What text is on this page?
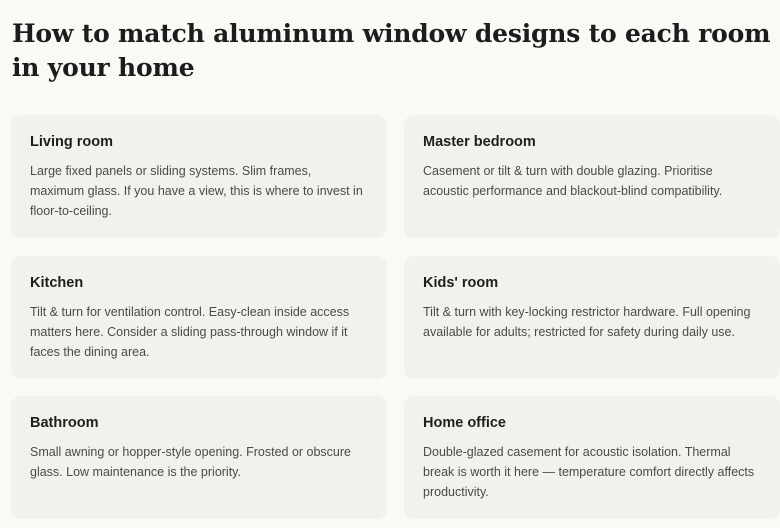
How to match aluminum window designs to each room in your home
Living room

Large fixed panels or sliding systems. Slim frames, maximum glass. If you have a view, this is where to invest in floor-to-ceiling.

Master bedroom

Casement or tilt & turn with double glazing. Prioritise acoustic performance and blackout-blind compatibility.

Kitchen

Tilt & turn for ventilation control. Easy-clean inside access matters here. Consider a sliding pass-through window if it faces the dining area.

Kids' room

Tilt & turn with key-locking restrictor hardware. Full opening available for adults; restricted for safety during daily use.

Bathroom

Small awning or hopper-style opening. Frosted or obscure glass. Low maintenance is the priority.

Home office

Double-glazed casement for acoustic isolation. Thermal break is worth it here — temperature comfort directly affects productivity.
